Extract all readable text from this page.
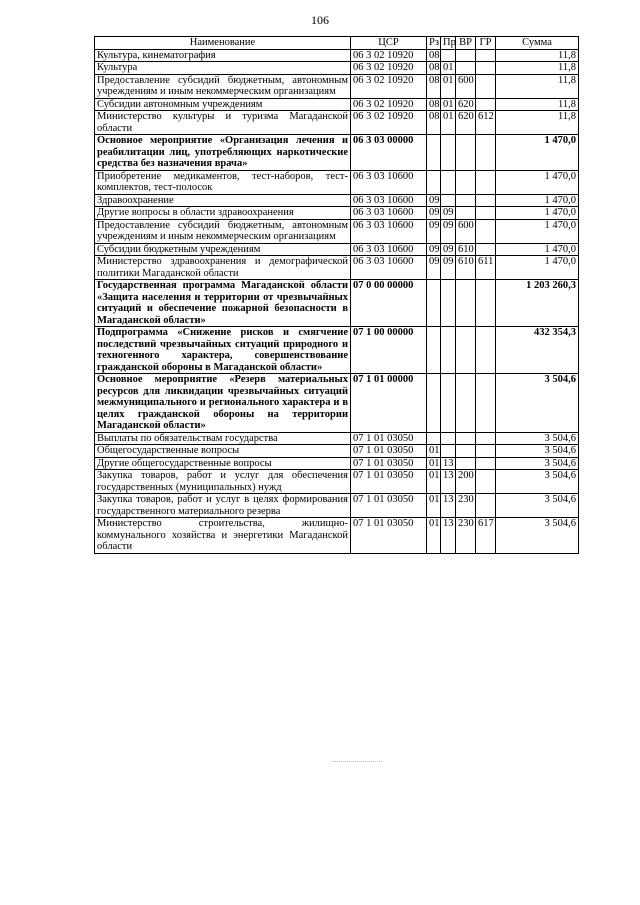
106
Наименование	ЦСР	Рз	Пр	ВР	ГР	Сумма
Культура, кинематография	06 3 02 10920	08				11,8
Культура	06 3 02 10920	08	01			11,8
Предоставление субсидий бюджетным, автономным учреждениям и иным некоммерческим организациям	06 3 02 10920	08	01	600		11,8
Субсидии автономным учреждениям	06 3 02 10920	08	01	620		11,8
Министерство культуры и туризма Магаданской области	06 3 02 10920	08	01	620	612	11,8
Основное мероприятие «Организация лечения и реабилитации лиц, употребляющих наркотические средства без назначения врача»	06 3 03 00000					1 470,0
Приобретение медикаментов, тест-наборов, тест-комплектов, тест-полосок	06 3 03 10600					1 470,0
Здравоохранение	06 3 03 10600	09				1 470,0
Другие вопросы в области здравоохранения	06 3 03 10600	09	09			1 470,0
Предоставление субсидий бюджетным, автономным учреждениям и иным некоммерческим организациям	06 3 03 10600	09	09	600		1 470,0
Субсидии бюджетным учреждениям	06 3 03 10600	09	09	610		1 470,0
Министерство здравоохранения и демографической политики Магаданской области	06 3 03 10600	09	09	610	611	1 470,0
Государственная программа Магаданской области «Защита населения и территории от чрезвычайных ситуаций и обеспечение пожарной безопасности в Магаданской области»	07 0 00 00000					1 203 260,3
Подпрограмма «Снижение рисков и смягчение последствий чрезвычайных ситуаций природного и техногенного характера, совершенствование гражданской обороны в Магаданской области»	07 1 00 00000					432 354,3
Основное мероприятие «Резерв материальных ресурсов для ликвидации чрезвычайных ситуаций межмуниципального и регионального характера и в целях гражданской обороны на территории Магаданской области»	07 1 01 00000					3 504,6
Выплаты по обязательствам государства	07 1 01 03050					3 504,6
Общегосударственные вопросы	07 1 01 03050	01				3 504,6
Другие общегосударственные вопросы	07 1 01 03050	01	13			3 504,6
Закупка товаров, работ и услуг для обеспечения государственных (муниципальных) нужд	07 1 01 03050	01	13	200		3 504,6
Закупка товаров, работ и услуг в целях формирования государственного материального резерва	07 1 01 03050	01	13	230		3 504,6
Министерство строительства, жилищно-коммунального хозяйства и энергетики Магаданской области	07 1 01 03050	01	13	230	617	3 504,6
